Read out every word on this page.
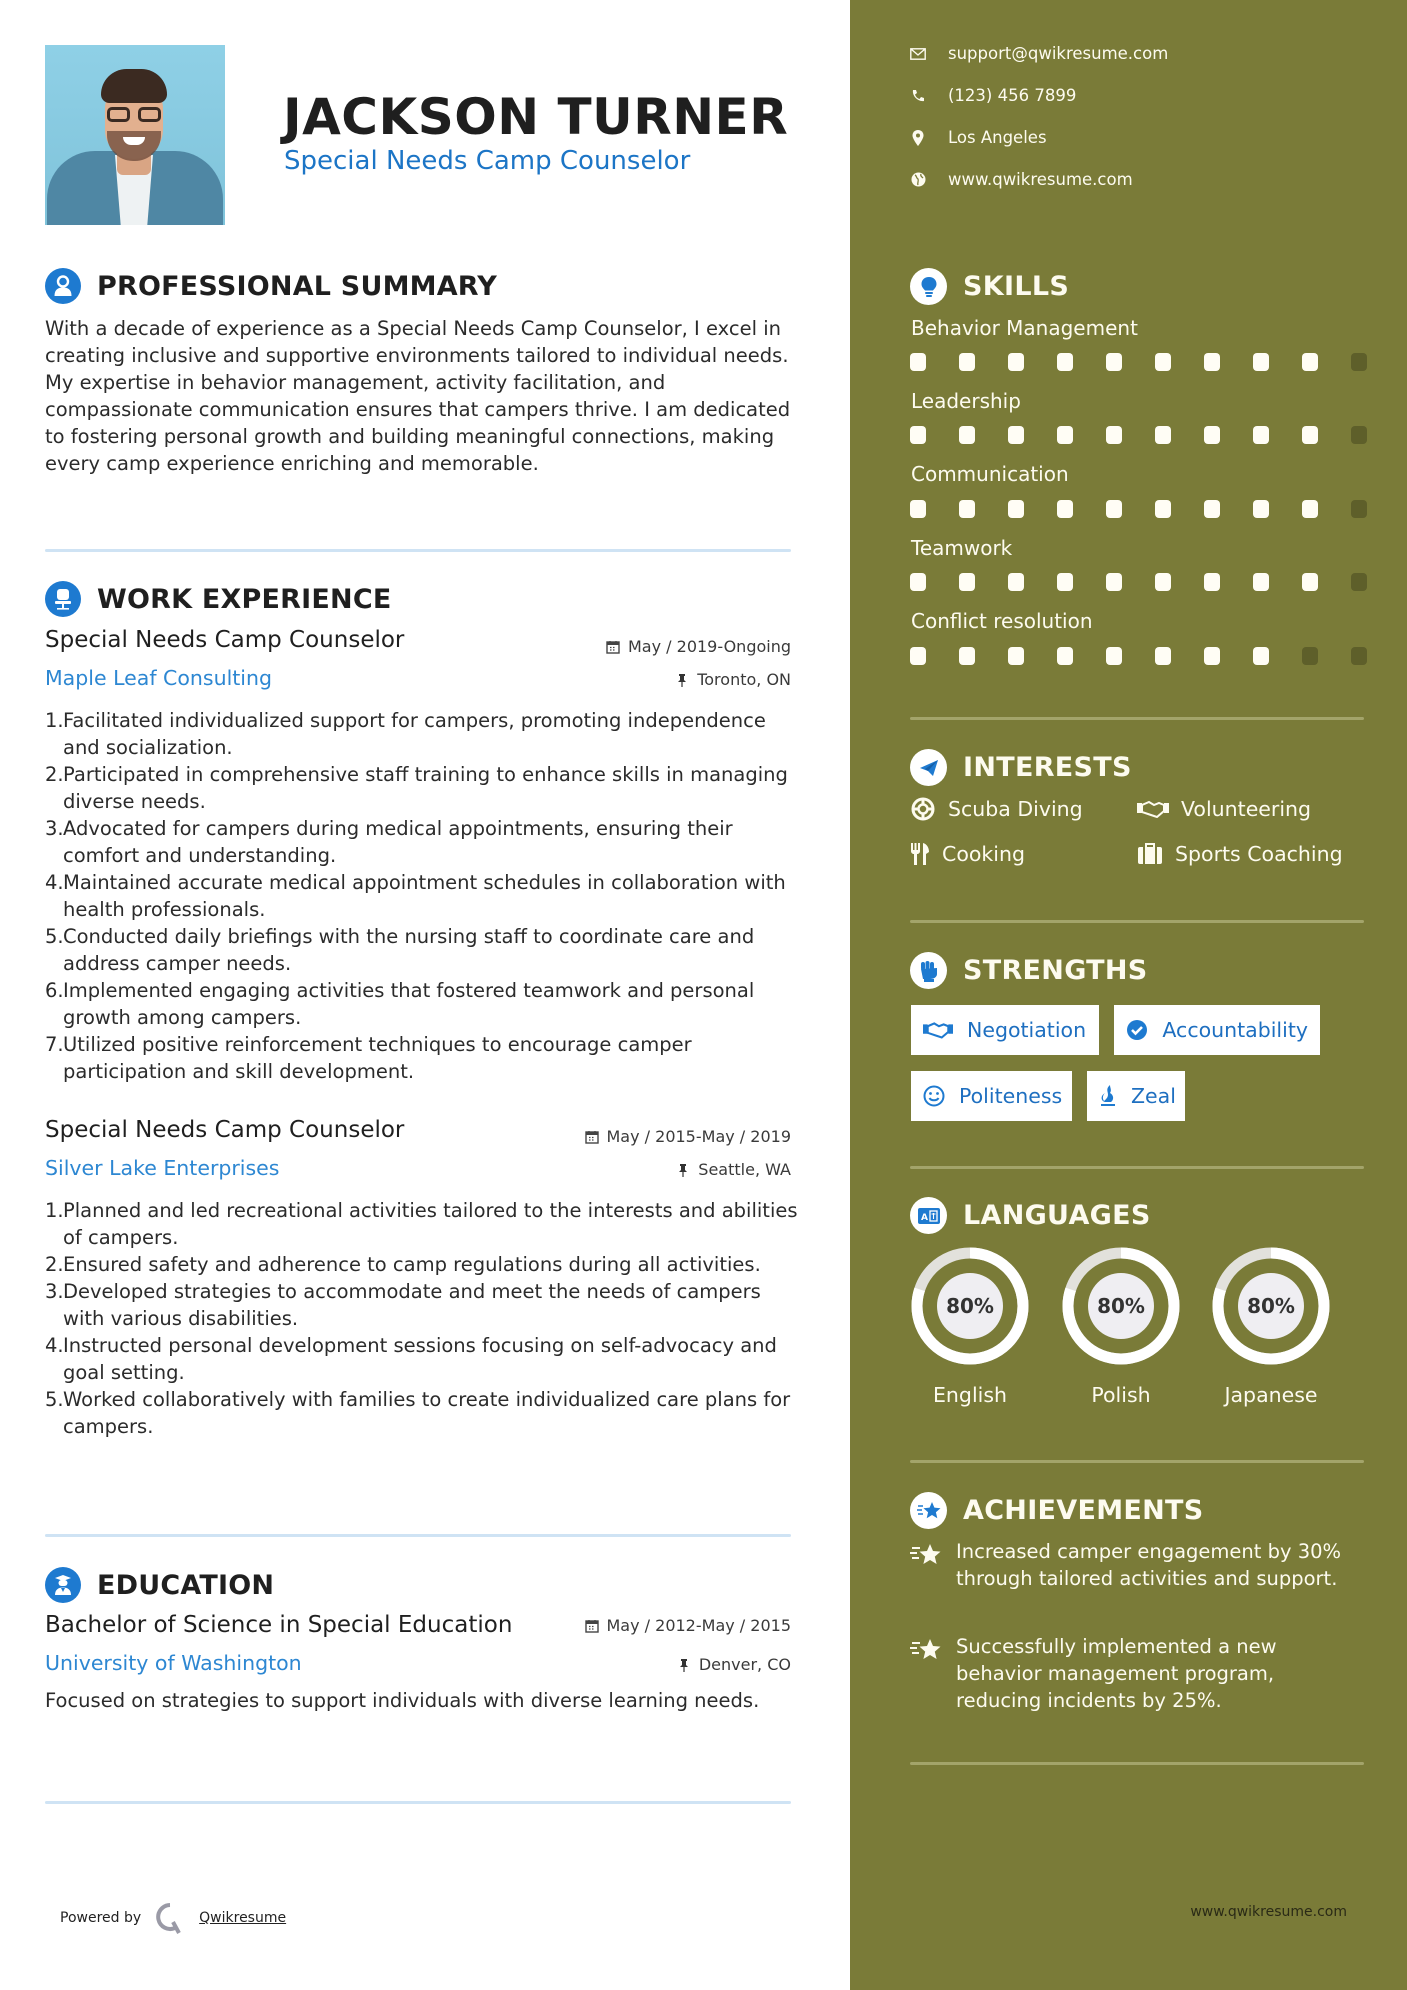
JACKSON TURNER
Special Needs Camp Counselor
PROFESSIONAL SUMMARY
With a decade of experience as a Special Needs Camp Counselor, I excel in creating inclusive and supportive environments tailored to individual needs. My expertise in behavior management, activity facilitation, and compassionate communication ensures that campers thrive. I am dedicated to fostering personal growth and building meaningful connections, making every camp experience enriching and memorable.
WORK EXPERIENCE
Special Needs Camp Counselor	May / 2019-Ongoing
Maple Leaf Consulting	Toronto, ON
1. Facilitated individualized support for campers, promoting independence and socialization.
2. Participated in comprehensive staff training to enhance skills in managing diverse needs.
3. Advocated for campers during medical appointments, ensuring their comfort and understanding.
4. Maintained accurate medical appointment schedules in collaboration with health professionals.
5. Conducted daily briefings with the nursing staff to coordinate care and address camper needs.
6. Implemented engaging activities that fostered teamwork and personal growth among campers.
7. Utilized positive reinforcement techniques to encourage camper participation and skill development.
Special Needs Camp Counselor	May / 2015-May / 2019
Silver Lake Enterprises	Seattle, WA
1. Planned and led recreational activities tailored to the interests and abilities of campers.
2. Ensured safety and adherence to camp regulations during all activities.
3. Developed strategies to accommodate and meet the needs of campers with various disabilities.
4. Instructed personal development sessions focusing on self-advocacy and goal setting.
5. Worked collaboratively with families to create individualized care plans for campers.
EDUCATION
Bachelor of Science in Special Education	May / 2012-May / 2015
University of Washington	Denver, CO
Focused on strategies to support individuals with diverse learning needs.
Powered by	Qwikresume
support@qwikresume.com
(123) 456 7899
Los Angeles
www.qwikresume.com
SKILLS
Behavior Management
Leadership
Communication
Teamwork
Conflict resolution
INTERESTS
Scuba Diving	Volunteering
Cooking	Sports Coaching
STRENGTHS
Negotiation	Accountability
Politeness	Zeal
A LANGUAGES
80%
English
80%
Polish
80%
Japanese
ACHIEVEMENTS
Increased camper engagement by 30% through tailored activities and support.
Successfully implemented a new behavior management program, reducing incidents by 25%.
www.qwikresume.com
